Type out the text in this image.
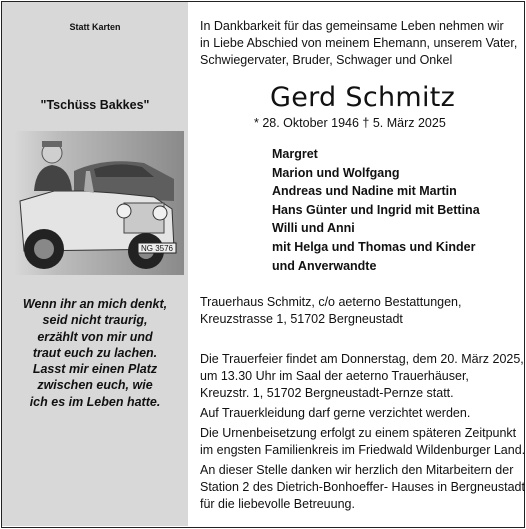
Statt Karten
"Tschüss Bakkes"
NG 3576
Wenn ihr an mich denkt,
seid nicht traurig,
erzählt von mir und
traut euch zu lachen.
Lasst mir einen Platz
zwischen euch, wie
ich es im Leben hatte.
In Dankbarkeit für das gemeinsame Leben nehmen wir
in Liebe Abschied von meinem Ehemann, unserem Vater,
Schwiegervater, Bruder, Schwager und Onkel
Gerd Schmitz
* 28. Oktober 1946 † 5. März 2025
Margret
Marion und Wolfgang
Andreas und Nadine mit Martin
Hans Günter und Ingrid mit Bettina
Willi und Anni
mit Helga und Thomas und Kinder
und Anverwandte
Trauerhaus Schmitz, c/o aeterno Bestattungen,
Kreuzstrasse 1, 51702 Bergneustadt
Die Trauerfeier findet am Donnerstag, dem 20. März 2025,
um 13.30 Uhr im Saal der aeterno Trauerhäuser,
Kreuzstr. 1, 51702 Bergneustadt-Pernze statt.
Auf Trauerkleidung darf gerne verzichtet werden.
Die Urnenbeisetzung erfolgt zu einem späteren Zeitpunkt
im engsten Familienkreis im Friedwald Wildenburger Land.
An dieser Stelle danken wir herzlich den Mitarbeitern der
Station 2 des Dietrich-Bonhoeffer- Hauses in Bergneustadt
für die liebevolle Betreuung.
